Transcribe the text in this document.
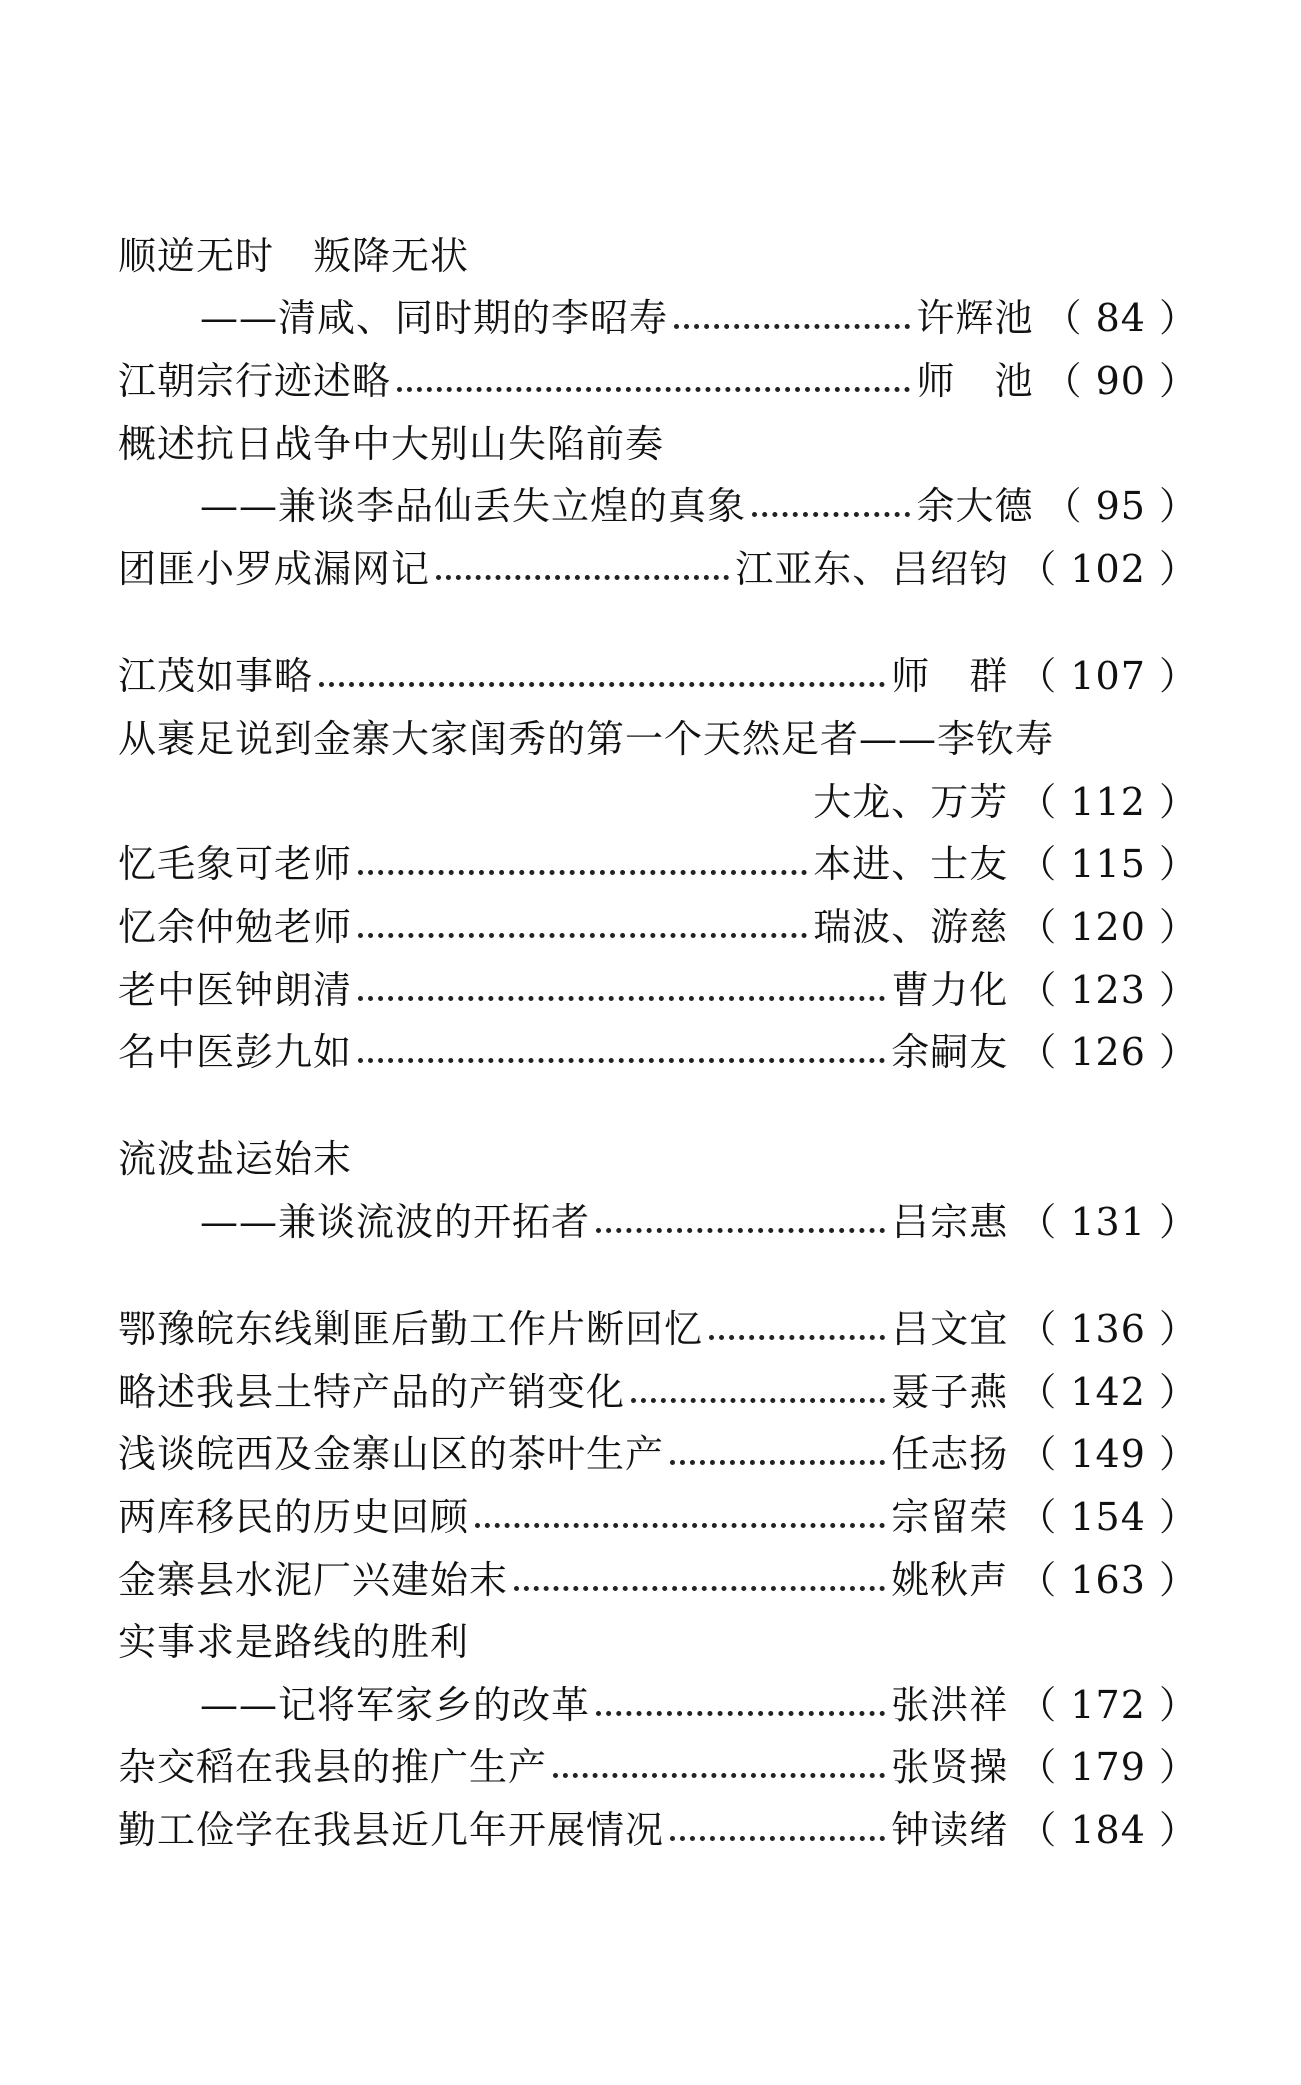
顺逆无时　叛降无状
——清咸、同时期的李昭寿	许辉池 （ 84 ）
江朝宗行迹述略	师　池 （ 90 ）
概述抗日战争中大别山失陷前奏
——兼谈李品仙丢失立煌的真象	余大德 （ 95 ）
团匪小罗成漏网记	江亚东、吕绍钧 （ 102 ）
江茂如事略	师　群 （ 107 ）
从裹足说到金寨大家闺秀的第一个天然足者——李钦寿
大龙、万芳 （ 112 ）
忆毛象可老师	本进、士友 （ 115 ）
忆余仲勉老师	瑞波、游慈 （ 120 ）
老中医钟朗清	曹力化 （ 123 ）
名中医彭九如	余嗣友 （ 126 ）
流波盐运始末
——兼谈流波的开拓者	吕宗惠 （ 131 ）
鄂豫皖东线剿匪后勤工作片断回忆	吕文宜 （ 136 ）
略述我县土特产品的产销变化	聂子燕 （ 142 ）
浅谈皖西及金寨山区的茶叶生产	任志扬 （ 149 ）
两库移民的历史回顾	宗留荣 （ 154 ）
金寨县水泥厂兴建始末	姚秋声 （ 163 ）
实事求是路线的胜利
——记将军家乡的改革	张洪祥 （ 172 ）
杂交稻在我县的推广生产	张贤操 （ 179 ）
勤工俭学在我县近几年开展情况	钟读绪 （ 184 ）
